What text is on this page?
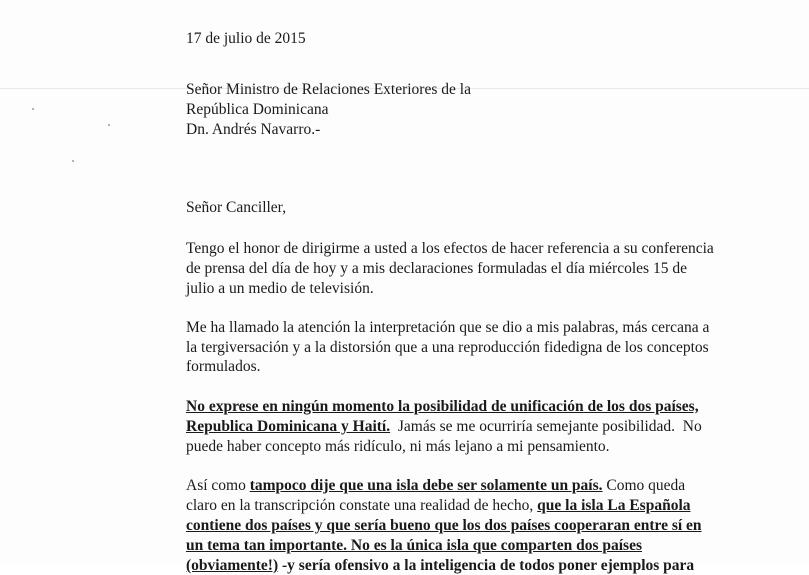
17 de julio de 2015
Señor Ministro de Relaciones Exteriores de la
República Dominicana
Dn. Andrés Navarro.-
Señor Canciller,
Tengo el honor de dirigirme a usted a los efectos de hacer referencia a su conferencia
de prensa del día de hoy y a mis declaraciones formuladas el día miércoles 15 de
julio a un medio de televisión.
Me ha llamado la atención la interpretación que se dio a mis palabras, más cercana a
la tergiversación y a la distorsión que a una reproducción fidedigna de los conceptos
formulados.
No exprese en ningún momento la posibilidad de unificación de los dos países,
Republica Dominicana y Haití.  Jamás se me ocurriría semejante posibilidad.  No
puede haber concepto más ridículo, ni más lejano a mi pensamiento.
Así como tampoco dije que una isla debe ser solamente un país. Como queda
claro en la transcripción constate una realidad de hecho, que la isla La Española
contiene dos países y que sería bueno que los dos países cooperaran entre sí en
un tema tan importante. No es la única isla que comparten dos países
(obviamente!) -y sería ofensivo a la inteligencia de todos poner ejemplos para
